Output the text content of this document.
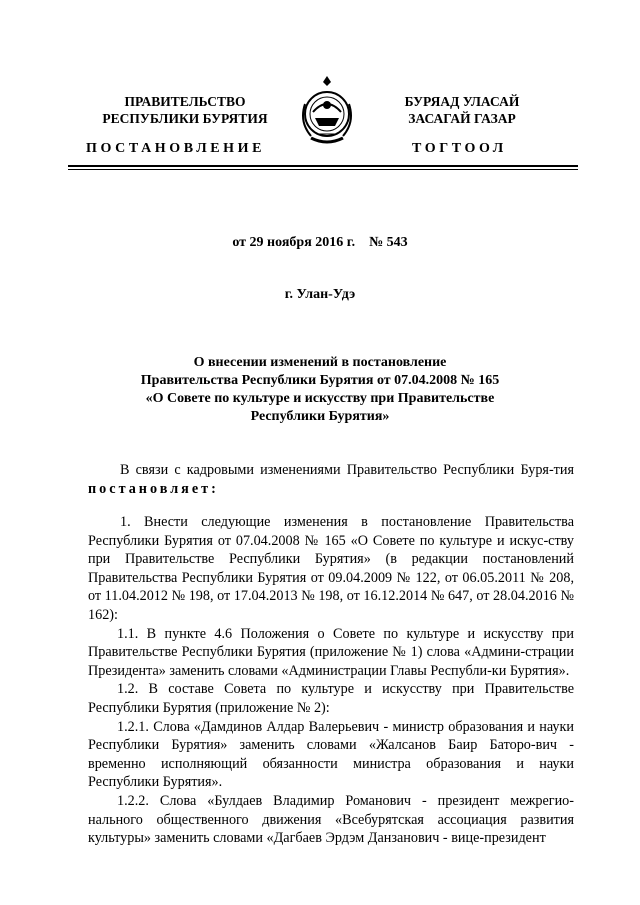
ПРАВИТЕЛЬСТВО
РЕСПУБЛИКИ БУРЯТИЯ
БУРЯАД УЛАСАЙ
ЗАСАГАЙ ГАЗАР
ПОСТАНОВЛЕНИЕ	ТОГТООЛ
от 29 ноября 2016 г.    № 543
г. Улан-Удэ
О внесении изменений в постановление
Правительства Республики Бурятия от 07.04.2008 № 165
«О Совете по культуре и искусству при Правительстве
Республики Бурятия»

В связи с кадровыми изменениями Правительство Республики Буря-тия постановляет:

1. Внести следующие изменения в постановление Правительства Республики Бурятия от 07.04.2008 № 165 «О Совете по культуре и искус-ству при Правительстве Республики Бурятия» (в редакции постановлений Правительства Республики Бурятия от 09.04.2009 № 122, от 06.05.2011 № 208, от 11.04.2012 № 198, от 17.04.2013 № 198, от 16.12.2014 № 647, от 28.04.2016 № 162):

1.1. В пункте 4.6 Положения о Совете по культуре и искусству при Правительстве Республики Бурятия (приложение № 1) слова «Админи-страции Президента» заменить словами «Администрации Главы Республи-ки Бурятия».

1.2. В составе Совета по культуре и искусству при Правительстве Республики Бурятия (приложение № 2):

1.2.1. Слова «Дамдинов Алдар Валерьевич - министр образования и науки Республики Бурятия» заменить словами «Жалсанов Баир Баторо-вич - временно исполняющий обязанности министра образования и науки Республики Бурятия».

1.2.2. Слова «Булдаев Владимир Романович - президент межрегио-нального общественного движения «Всебурятская ассоциация развития культуры» заменить словами «Дагбаев Эрдэм Данзанович - вице-президент
